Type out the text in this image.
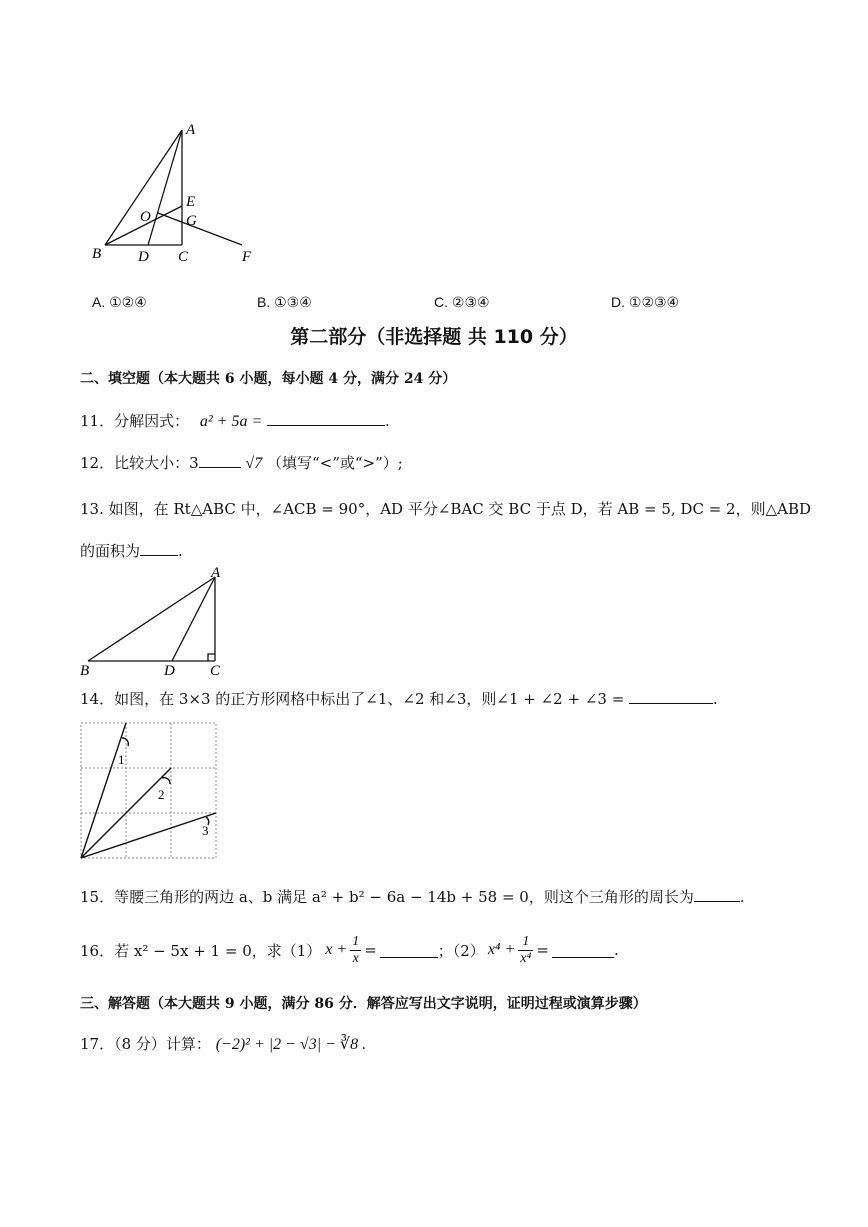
A
E
O G
B D C	F
A. ①②④	B. ①③④	C. ②③④	D. ①②③④
第二部分（非选择题 共 110 分）
二、填空题（本大题共 6 小题，每小题 4 分，满分 24 分）
11．分解因式： a² + 5a =	.
12．比较大小：3	√7 （填写“<”或“>”）;
13. 如图，在 Rt△ABC 中，∠ACB = 90°，AD 平分∠BAC 交 BC 于点 D，若 AB = 5, DC = 2，则△ABD
的面积为	.
A
B	D C
14．如图，在 3×3 的正方形网格中标出了∠1、∠2 和∠3，则∠1 + ∠2 + ∠3 =	.
1
2
3
15．等腰三角形的两边 a、b 满足 a² + b² − 6a − 14b + 58 = 0，则这个三角形的周长为	.
16．若 x² − 5x + 1 = 0，求（1） $x + \frac{1}{x}$ =	；（2） $x^4 + \frac{1}{\text{x⁴}}$ =	.
三、解答题（本大题共 9 小题，满分 86 分．解答应写出文字说明，证明过程或演算步骤）
17．（8 分）计算： (−2)² + |2 − √3| − ∛8 .
